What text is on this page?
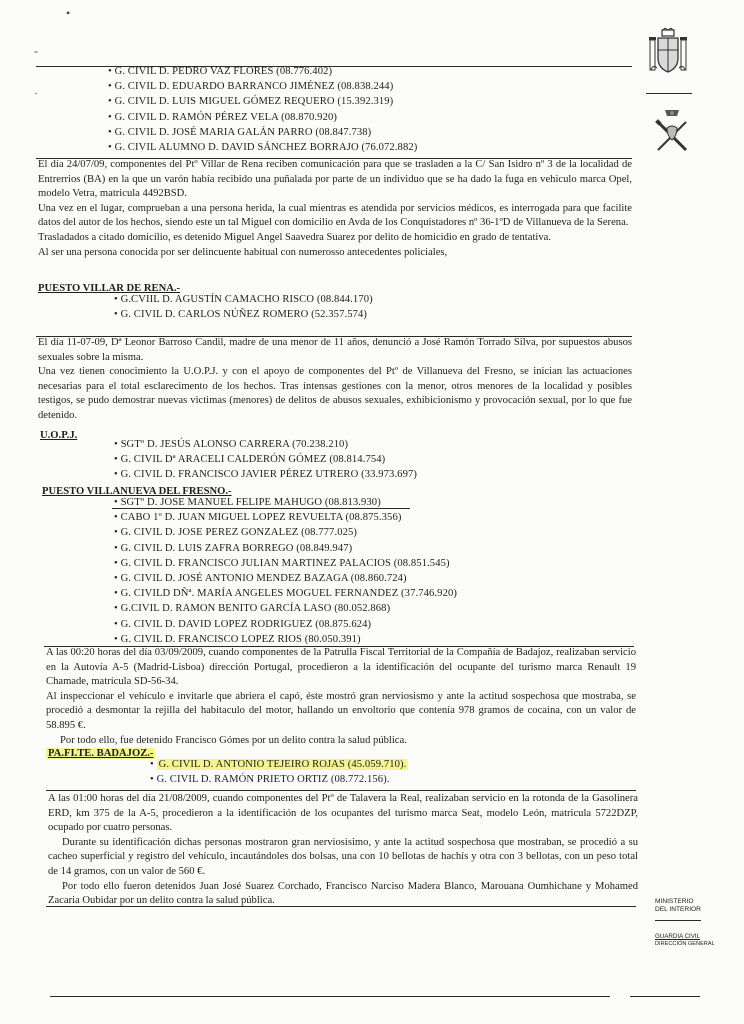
•
-
·
• G. CIVIL D. PEDRO VAZ FLORES (08.776.402)
• G. CIVIL D. EDUARDO BARRANCO JIMÉNEZ (08.838.244)
• G. CIVIL D. LUIS MIGUEL GÓMEZ REQUERO (15.392.319)
• G. CIVIL D. RAMÓN PÉREZ VELA (08.870.920)
• G. CIVIL D. JOSÉ MARIA GALÁN PARRO (08.847.738)
• G. CIVIL ALUMNO D. DAVID SÁNCHEZ BORRAJO (76.072.882)

El día 24/07/09, componentes del Ptº Villar de Rena reciben comunicación para que se trasladen a la C/ San Isidro nº 3 de la localidad de Entrerrios (BA) en la que un varón había recibido una puñalada por parte de un individuo que se ha dado la fuga en vehiculo marca Opel, modelo Vetra, matricula 4492BSD.

Una vez en el lugar, comprueban a una persona herida, la cual mientras es atendida por servicios médicos, es interrogada para que facilite datos del autor de los hechos, siendo este un tal Miguel con domicilio en Avda de los Conquistadores nº 36-1ºD de Villanueva de la Serena.

Trasladados a citado domicilio, es detenido Miguel Angel Saavedra Suarez por delito de homicidio en grado de tentativa.

Al ser una persona conocida por ser delincuente habitual con numerosso antecedentes policiales,

PUESTO VILLAR DE RENA.-
• G.CVIIL D. AGUSTÍN CAMACHO RISCO (08.844.170)
• G. CIVIL D. CARLOS NÚÑEZ ROMERO (52.357.574)

El día 11-07-09, Dª Leonor Barroso Candil, madre de una menor de 11 años, denunció a José Ramón Torrado Silva, por supuestos abusos sexuales sobre la misma.

Una vez tienen conocimiento la U.O.P.J. y con el apoyo de componentes del Ptº de Villanueva del Fresno, se inician las actuaciones necesarias para el total esclarecimento de los hechos. Tras intensas gestiones con la menor, otros menores de la localidad y posibles testigos, se pudo demostrar nuevas victimas (menores) de delitos de abusos sexuales, exhibicionismo y provocación sexual, por lo que fue detenido.

U.O.P.J.
• SGTº D. JESÚS ALONSO CARRERA (70.238.210)
• G. CIVIL Dª ARACELI CALDERÓN GÓMEZ (08.814.754)
• G. CIVIL D. FRANCISCO JAVIER PÉREZ UTRERO (33.973.697)
PUESTO VILLANUEVA DEL FRESNO.-
• SGTº D. JOSE MANUEL FELIPE MAHUGO (08.813.930)
• CABO 1º D. JUAN MIGUEL LOPEZ REVUELTA (08.875.356)
• G. CIVIL D. JOSE PEREZ GONZALEZ (08.777.025)
• G. CIVIL D. LUIS ZAFRA BORREGO (08.849.947)
• G. CIVIL D. FRANCISCO JULIAN MARTINEZ PALACIOS (08.851.545)
• G. CIVIL D. JOSÉ ANTONIO MENDEZ BAZAGA (08.860.724)
• G. CIVILD DÑª. MARÍA ANGELES MOGUEL FERNANDEZ (37.746.920)
• G.CIVIL D. RAMON BENITO GARCÍA LASO (80.052.868)
• G. CIVIL D. DAVID LOPEZ RODRIGUEZ (08.875.624)
• G. CIVIL D. FRANCISCO LOPEZ RIOS (80.050.391)

A las 00:20 horas del día 03/09/2009, cuando componentes de la Patrulla Fiscal Territorial de la Compañía de Badajoz, realizaban servicio en la Autovía A-5 (Madrid-Lisboa) dirección Portugal, procedieron a la identificación del ocupante del turismo marca Renault 19 Chamade, matrícula SD-56-34.

Al inspeccionar el vehículo e invitarle que abriera el capó, éste mostró gran nerviosismo y ante la actitud sospechosa que mostraba, se procedió a desmontar la rejilla del habitaculo del motor, hallando un envoltorio que contenía 978 gramos de cocaína, con un valor de 58.895 €.

Por todo ello, fue detenido Francisco Gómes por un delito contra la salud pública.

PA.FI.TE. BADAJOZ.-
• G. CIVIL D. ANTONIO TEJEIRO ROJAS (45.059.710).
• G. CIVIL D. RAMÓN PRIETO ORTIZ (08.772.156).

A las 01:00 horas del día 21/08/2009, cuando componentes del Ptº de Talavera la Real, realizaban servicio en la rotonda de la Gasolinera ERD, km 375 de la A-5, procedieron a la identificación de los ocupantes del turismo marca Seat, modelo León, matricula 5722DZP, ocupado por cuatro personas.

Durante su identificación dichas personas mostraron gran nerviosisimo, y ante la actitud sospechosa que mostraban, se procedió a su cacheo superficial y registro del vehículo, incautándoles dos bolsas, una con 10 bellotas de hachís y otra con 3 bellotas, con un peso total de 14 gramos, con un valor de 560 €.

Por todo ello fueron detenidos Juan José Suarez Corchado, Francisco Narciso Madera Blanco, Marouana Oumhichane y Mohamed Zacaria Oubidar por un delito contra la salud pública.	MINISTERIO
DEL INTERIOR
GUARDIA CIVIL
DIRECCIÓN GENERAL
